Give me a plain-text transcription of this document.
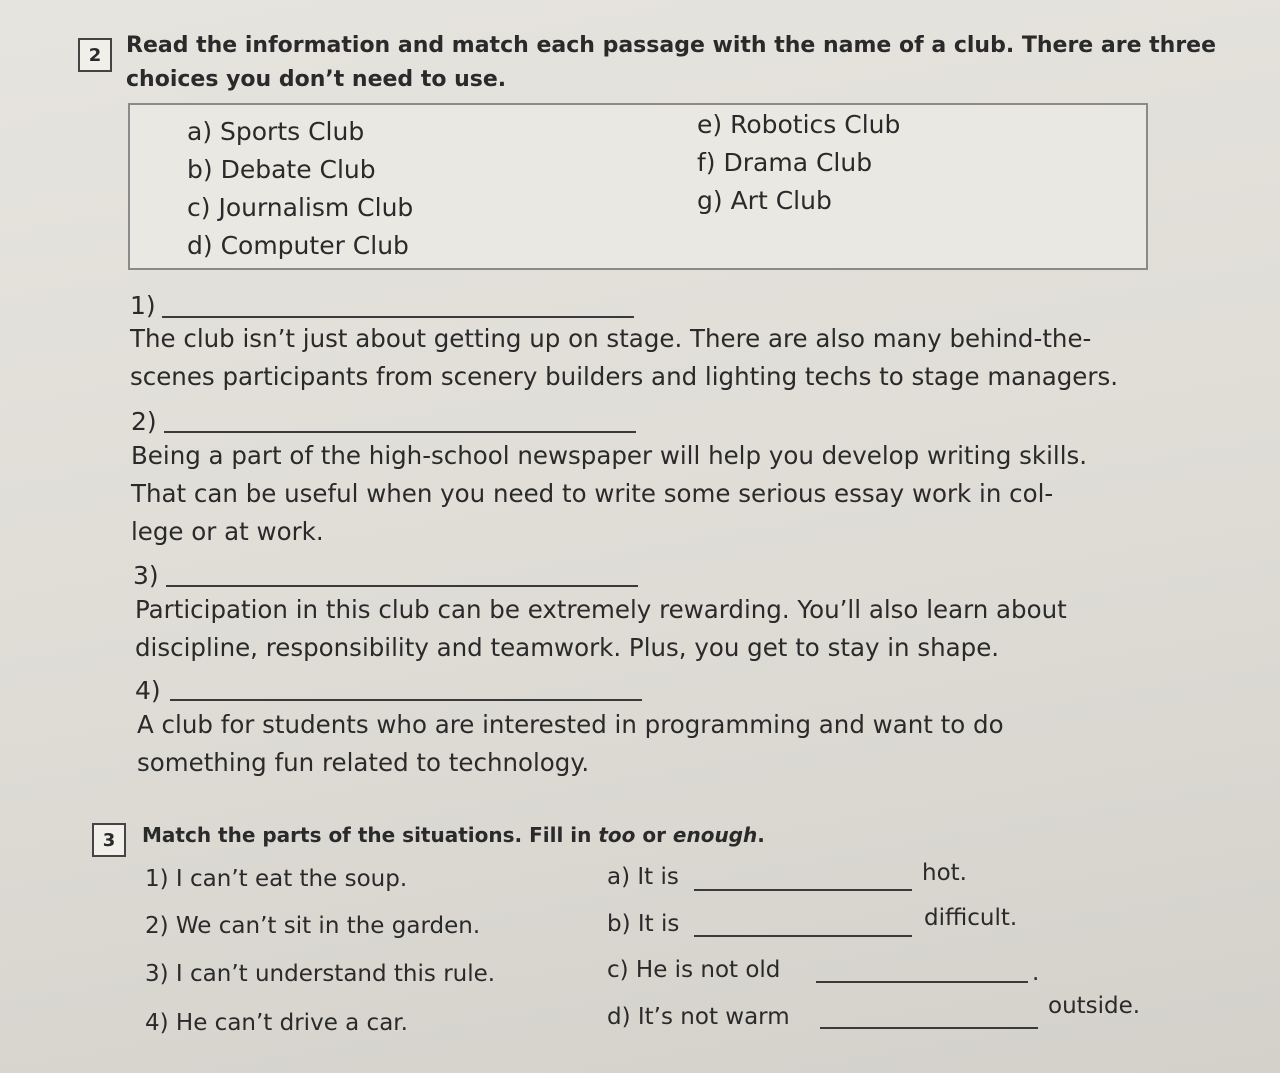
2	Read the information and match each passage with the name of a club. There are three
choices you don’t need to use.
a) Sports Club
b) Debate Club
c) Journalism Club
d) Computer Club
e) Robotics Club
f) Drama Club
g) Art Club
1)
The club isn’t just about getting up on stage. There are also many behind-the-
scenes participants from scenery builders and lighting techs to stage managers.
2)
Being a part of the high-school newspaper will help you develop writing skills.
That can be useful when you need to write some serious essay work in col-
lege or at work.
3)
Participation in this club can be extremely rewarding. You’ll also learn about
discipline, responsibility and teamwork. Plus, you get to stay in shape.
4)
A club for students who are interested in programming and want to do
something fun related to technology.
3	Match the parts of the situations. Fill in too or enough.
1) I can’t eat the soup.
2) We can’t sit in the garden.
3) I can’t understand this rule.
4) He can’t drive a car.
a) It is	hot.
b) It is	difficult.
c) He is not old	.
d) It’s not warm	outside.
